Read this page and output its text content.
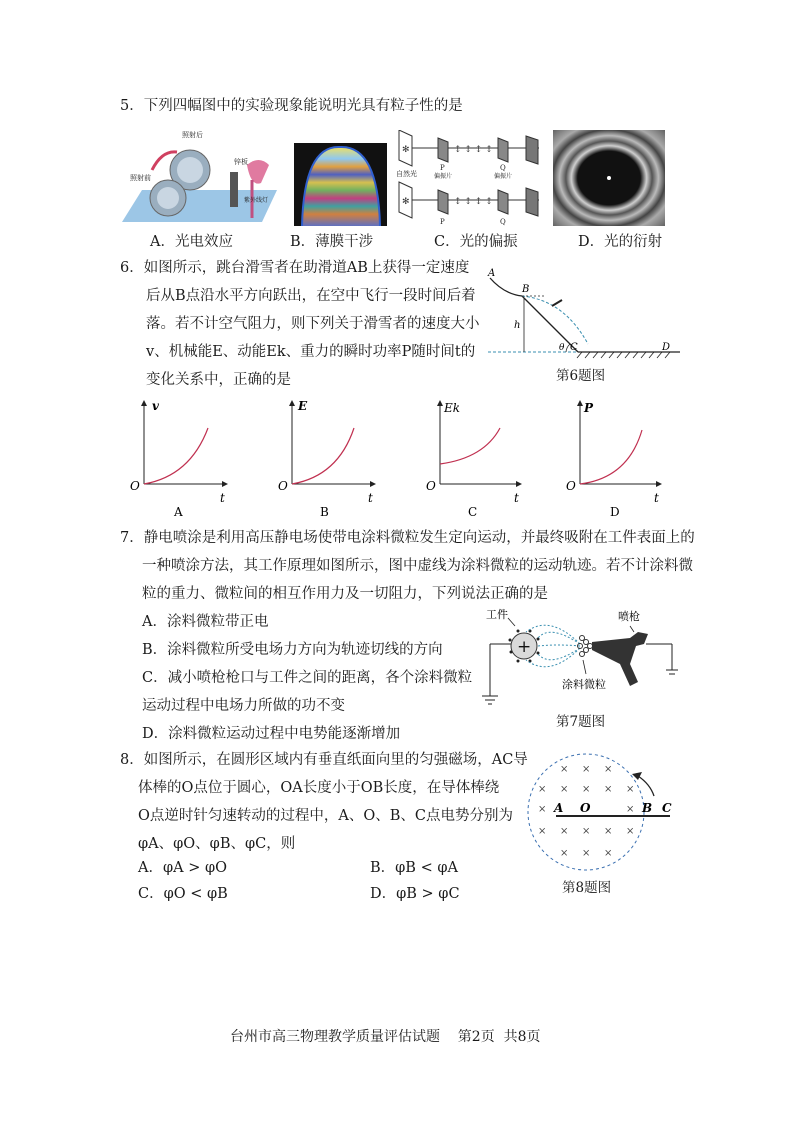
5．下列四幅图中的实验现象能说明光具有粒子性的是
照射后
照射前
锌板
紫外线灯
✻
✻
↕ ↕ ↕ ↕
↕ ↕ ↕ ↕
自然光
P
偏振片
Q
偏振片
P	Q
A．光电效应	B．薄膜干涉	C．光的偏振	D．光的衍射
6．如图所示，跳台滑雪者在助滑道AB上获得一定速度
后从B点沿水平方向跃出，在空中飞行一段时间后着
落。若不计空气阻力，则下列关于滑雪者的速度大小
v、机械能E、动能Ek、重力的瞬时功率P随时间t的
变化关系中，正确的是
A
B
C	D
h
θ
第6题图
v
t
O
A
E
t
O
B
Ek
t
O
C
P
t
O
D
7．静电喷涂是利用高压静电场使带电涂料微粒发生定向运动，并最终吸附在工件表面上的
一种喷涂方法，其工作原理如图所示，图中虚线为涂料微粒的运动轨迹。若不计涂料微
粒的重力、微粒间的相互作用力及一切阻力，下列说法正确的是
A．涂料微粒带正电
B．涂料微粒所受电场力方向为轨迹切线的方向
C．减小喷枪枪口与工件之间的距离，各个涂料微粒
运动过程中电场力所做的功不变
D．涂料微粒运动过程中电势能逐渐增加
+
工件	喷枪
涂料微粒
第7题图
8．如图所示，在圆形区域内有垂直纸面向里的匀强磁场，AC导
体棒的O点位于圆心，OA长度小于OB长度，在导体棒绕
O点逆时针匀速转动的过程中，A、O、B、C点电势分别为
φA、φO、φB、φC，则
A．φA > φO	B．φB < φA
C．φO < φB	D．φB > φC
× × ×
× × × × ×
×	×
× × × × ×
× × ×
A O	B C
第8题图
台州市高三物理教学质量评估试题    第2页  共8页
